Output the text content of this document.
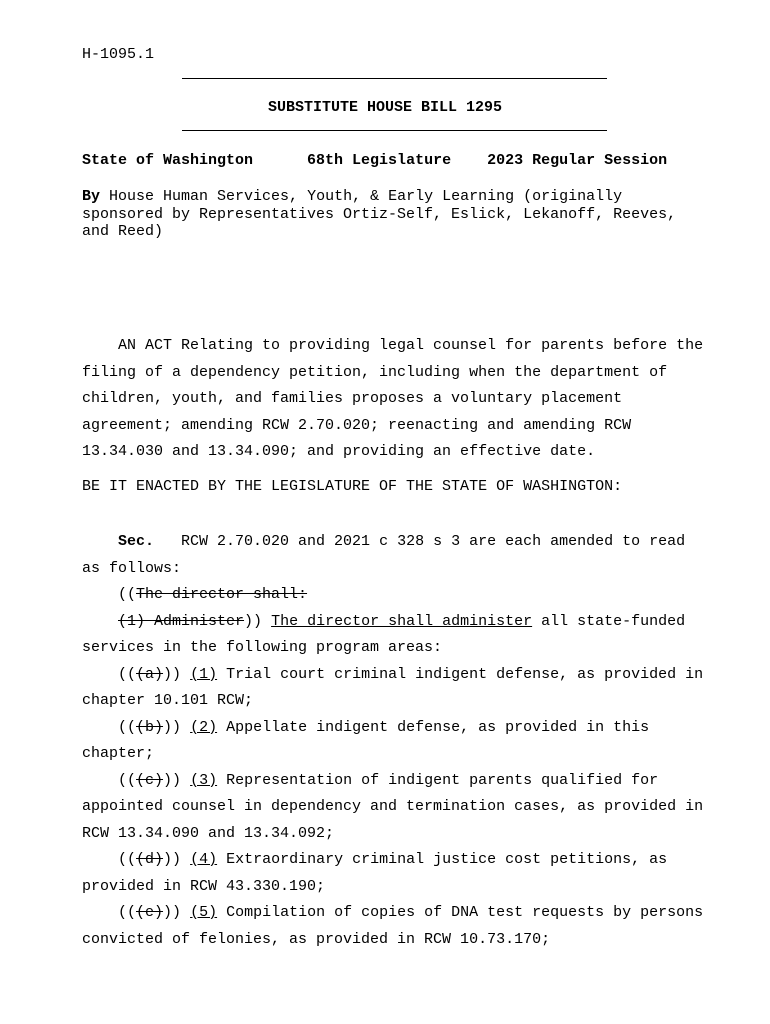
H-1095.1
SUBSTITUTE HOUSE BILL 1295
State of Washington	68th Legislature 2023 Regular Session
By House Human Services, Youth, & Early Learning (originally sponsored by Representatives Ortiz-Self, Eslick, Lekanoff, Reeves, and Reed)

AN ACT Relating to providing legal counsel for parents before the filing of a dependency petition, including when the department of children, youth, and families proposes a voluntary placement agreement; amending RCW 2.70.020; reenacting and amending RCW 13.34.030 and 13.34.090; and providing an effective date.

BE IT ENACTED BY THE LEGISLATURE OF THE STATE OF WASHINGTON:

Sec. RCW 2.70.020 and 2021 c 328 s 3 are each amended to read as follows:

((The director shall:

(1) Administer)) The director shall administer all state-funded services in the following program areas:

(((a))) (1) Trial court criminal indigent defense, as provided in chapter 10.101 RCW;

(((b))) (2) Appellate indigent defense, as provided in this chapter;

(((c))) (3) Representation of indigent parents qualified for appointed counsel in dependency and termination cases, as provided in RCW 13.34.090 and 13.34.092;

(((d))) (4) Extraordinary criminal justice cost petitions, as provided in RCW 43.330.190;

(((e))) (5) Compilation of copies of DNA test requests by persons convicted of felonies, as provided in RCW 10.73.170;
